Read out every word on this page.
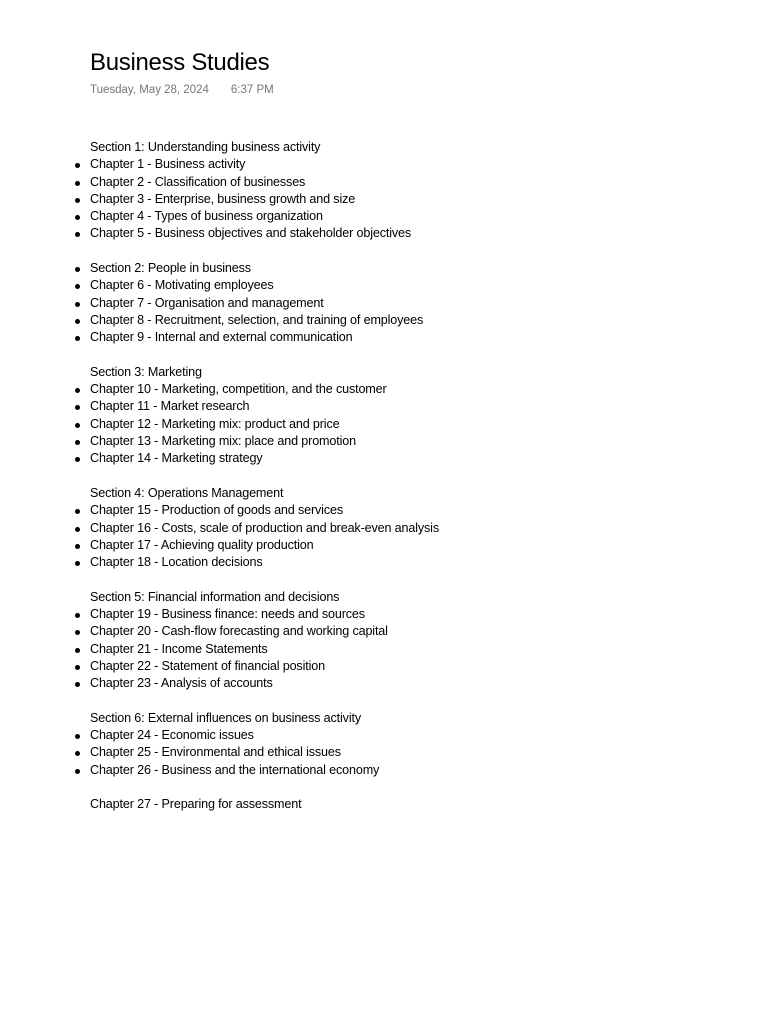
Business Studies
Tuesday, May 28, 2024 6:37 PM
Section 1: Understanding business activity
Chapter 1 - Business activity
Chapter 2 - Classification of businesses
Chapter 3 - Enterprise, business growth and size
Chapter 4 - Types of business organization
Chapter 5 - Business objectives and stakeholder objectives
Section 2: People in business
Chapter 6 - Motivating employees
Chapter 7 - Organisation and management
Chapter 8 - Recruitment, selection, and training of employees
Chapter 9 - Internal and external communication
Section 3: Marketing
Chapter 10 - Marketing, competition, and the customer
Chapter 11 - Market research
Chapter 12 - Marketing mix: product and price
Chapter 13 - Marketing mix: place and promotion
Chapter 14 - Marketing strategy
Section 4: Operations Management
Chapter 15 - Production of goods and services
Chapter 16 - Costs, scale of production and break-even analysis
Chapter 17 - Achieving quality production
Chapter 18 - Location decisions
Section 5: Financial information and decisions
Chapter 19 - Business finance: needs and sources
Chapter 20 - Cash-flow forecasting and working capital
Chapter 21 - Income Statements
Chapter 22 - Statement of financial position
Chapter 23 - Analysis of accounts
Section 6: External influences on business activity
Chapter 24 - Economic issues
Chapter 25 - Environmental and ethical issues
Chapter 26 - Business and the international economy
Chapter 27 - Preparing for assessment
